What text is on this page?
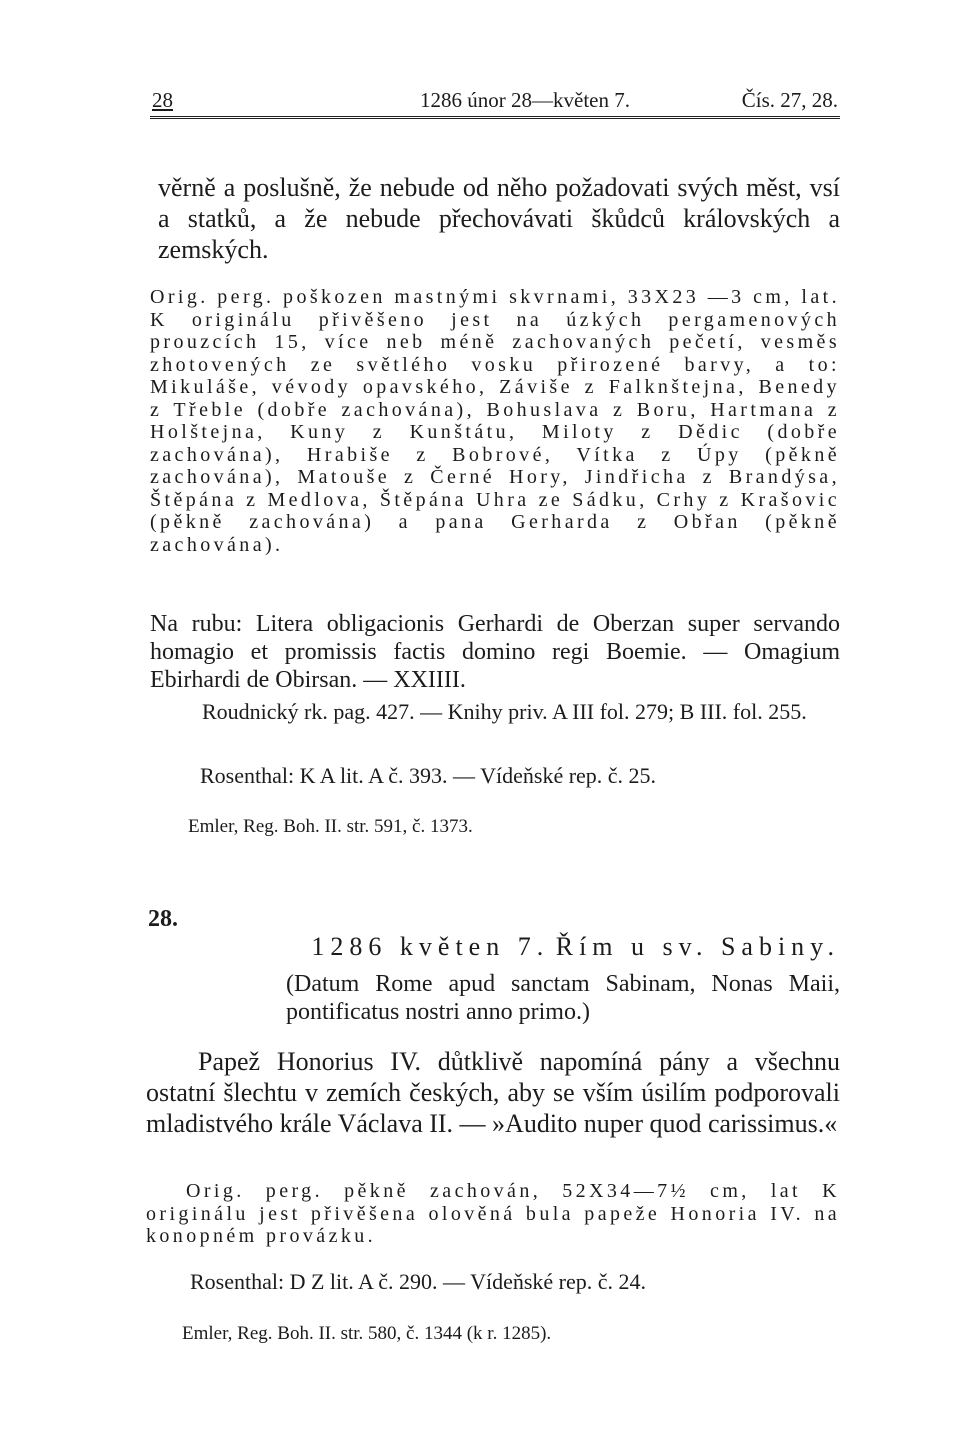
28	1286 únor 28—květen 7.	Čís. 27, 28.

věrně a poslušně, že nebude od něho požadovati svých měst, vsí a statků, a že nebude přechovávati škůdců královských a zemských.

Orig. perg. poškozen mastnými skvrnami, 33X23 —3 cm, lat. K originálu přivěšeno jest na úzkých pergamenových prouzcích 15, více neb méně zachovaných pečetí, vesměs zhotovených ze světlého vosku přirozené barvy, a to: Mikuláše, vévody opavského, Záviše z Falknštejna, Benedy z Třeble (dobře zachována), Bohuslava z Boru, Hartmana z Holštejna, Kuny z Kunštátu, Miloty z Dědic (dobře zachována), Hrabiše z Bobrové, Vítka z Úpy (pěkně zachována), Matouše z Černé Hory, Jindřicha z Brandýsa, Štěpána z Medlova, Štěpána Uhra ze Sádku, Crhy z Krašovic (pěkně zachována) a pana Gerharda z Obřan (pěkně zachována).

Na rubu: Litera obligacionis Gerhardi de Oberzan super servando homagio et promissis factis domino regi Boemie. — Omagium Ebirhardi de Obirsan. — XXIIII.

Roudnický rk. pag. 427. — Knihy priv. A III fol. 279; B III. fol. 255.

Rosenthal: K A lit. A č. 393. — Vídeňské rep. č. 25.

Emler, Reg. Boh. II. str. 591, č. 1373.

28.
1286 květen 7. Řím u sv. Sabiny.

(Datum Rome apud sanctam Sabinam, Nonas Maii, pontificatus nostri anno primo.)

Papež Honorius IV. důtklivě napomíná pány a všechnu ostatní šlechtu v zemích českých, aby se vším úsilím podporovali mladistvého krále Václava II. — »Audito nuper quod carissimus.«

Orig. perg. pěkně zachován, 52X34—7½ cm, lat K originálu jest přivěšena olověná bula papeže Honoria IV. na konopném provázku.

Rosenthal: D Z lit. A č. 290. — Vídeňské rep. č. 24.

Emler, Reg. Boh. II. str. 580, č. 1344 (k r. 1285).
